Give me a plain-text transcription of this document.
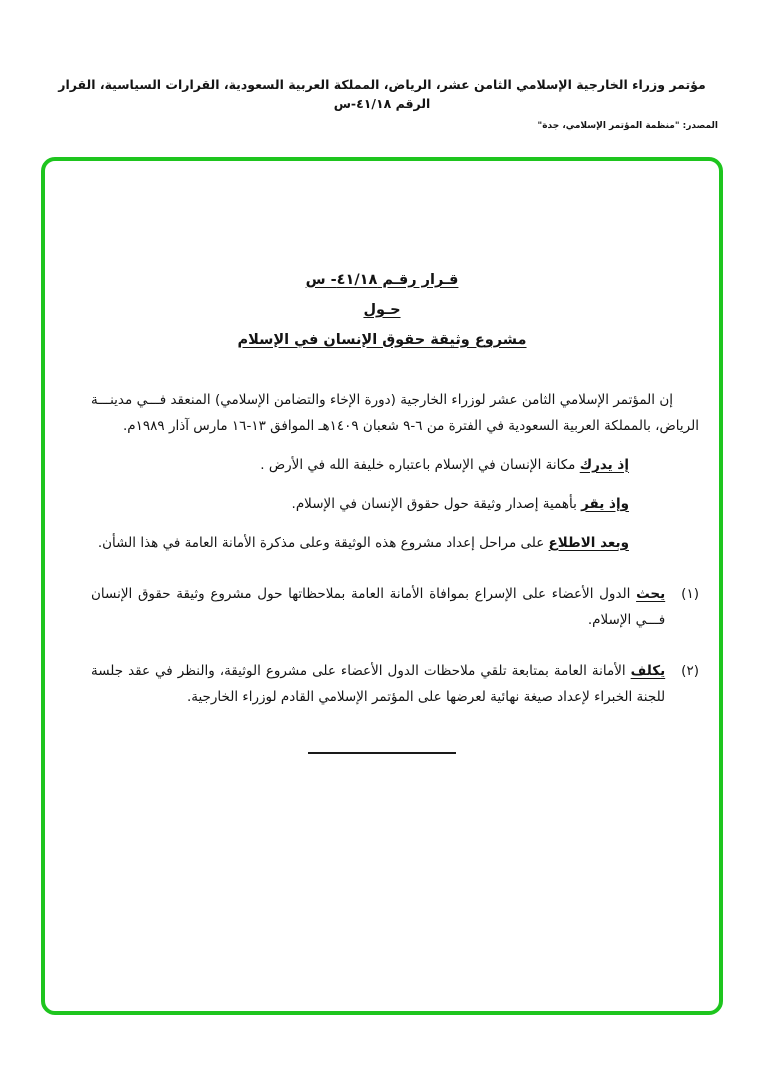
مؤتمر وزراء الخارجية الإسلامي الثامن عشر، الرياض، المملكة العربية السعودية، القرارات السياسية، القرار الرقم ٤١/١٨-س
المصدر: "منظمة المؤتمر الإسلامي، جدة"
قـرار رقـم ٤١/١٨- س
حـول
مشروع وثيقة حقوق الإنسان في الإسلام

إن المؤتمر الإسلامي الثامن عشر لوزراء الخارجية (دورة الإخاء والتضامن الإسلامي) المنعقد فـــي مدينـــة الرياض، بالمملكة العربية السعودية في الفترة من ٦-٩ شعبان ١٤٠٩هـ الموافق ١٣-١٦ مارس آذار ١٩٨٩م.

إذ يدرك مكانة الإنسان في الإسلام باعتباره خليفة الله في الأرض .

وإذ يقر بأهمية إصدار وثيقة حول حقوق الإنسان في الإسلام.

وبعد الاطلاع على مراحل إعداد مشروع هذه الوثيقة وعلى مذكرة الأمانة العامة في هذا الشأن.

(١)

يحث الدول الأعضاء على الإسراع بموافاة الأمانة العامة بملاحظاتها حول مشروع وثيقة حقوق الإنسان فـــي الإسلام.

(٢)

يكلف الأمانة العامة بمتابعة تلقي ملاحظات الدول الأعضاء على مشروع الوثيقة، والنظر في عقد جلسة للجنة الخبراء لإعداد صيغة نهائية لعرضها على المؤتمر الإسلامي القادم لوزراء الخارجية.
